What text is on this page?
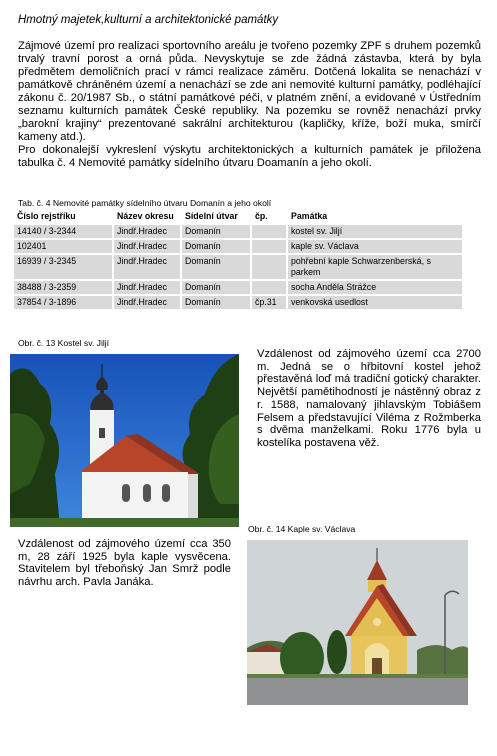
Hmotný majetek,kulturní a architektonické památky
Zájmové území pro realizaci sportovního areálu je tvořeno pozemky ZPF s druhem pozemků trvalý travní porost a orná půda. Nevyskytuje se zde žádná zástavba, která by byla předmětem demoličních prací v rámci realizace záměru. Dotčená lokalita se nenachází v památkově chráněném území a nenachází se zde ani nemovité kulturní památky, podléhající zákonu č. 20/1987 Sb., o státní památkové péči, v platném znění, a evidované v Ústředním seznamu kulturních památek České republiky. Na pozemku se rovněž nenachází prvky „barokní krajiny“ prezentované sakrální architekturou (kapličky, kříže, boží muka, smírčí kameny atd.).
Pro dokonalejší vykreslení výskytu architektonických a kulturních památek je přiložena tabulka č. 4 Nemovité památky sídelního útvaru Doamanín a jeho okolí.
Tab. č. 4 Nemovité památky sídelního útvaru Domanín a jeho okolí
Číslo rejstříku	Název okresu	Sídelní útvar	čp.	Památka
14140 / 3-2344	Jindř.Hradec	Domanín		kostel sv. Jiljí
102401	Jindř.Hradec	Domanín		kaple sv. Václava
16939 / 3-2345	Jindř.Hradec	Domanín		pohřební kaple Schwarzenberská, s parkem
38488 / 3-2359	Jindř.Hradec	Domanín		socha Anděla Strážce
37854 / 3-1896	Jindř.Hradec	Domanín	čp.31	venkovská usedlost
Obr. č. 13 Kostel sv. Jiljí
Vzdálenost od zájmového území cca 2700 m. Jedná se o hřbitovní kostel jehož přestavěná loď má tradiční gotický charakter. Největší pamětihodností je nástěnný obraz z r. 1588, namalovaný jihlavským Tobiášem Felsem a představující Viléma z Rožmberka s dvěma manželkami. Roku 1776 byla u kostelíka postavena věž.
Obr. č. 14 Kaple sv. Václava
Vzdálenost od zájmového území cca 350 m, 28 září 1925 byla kaple vysvěcena. Stavitelem byl třeboňský Jan Smrž podle návrhu arch. Pavla Janáka.
